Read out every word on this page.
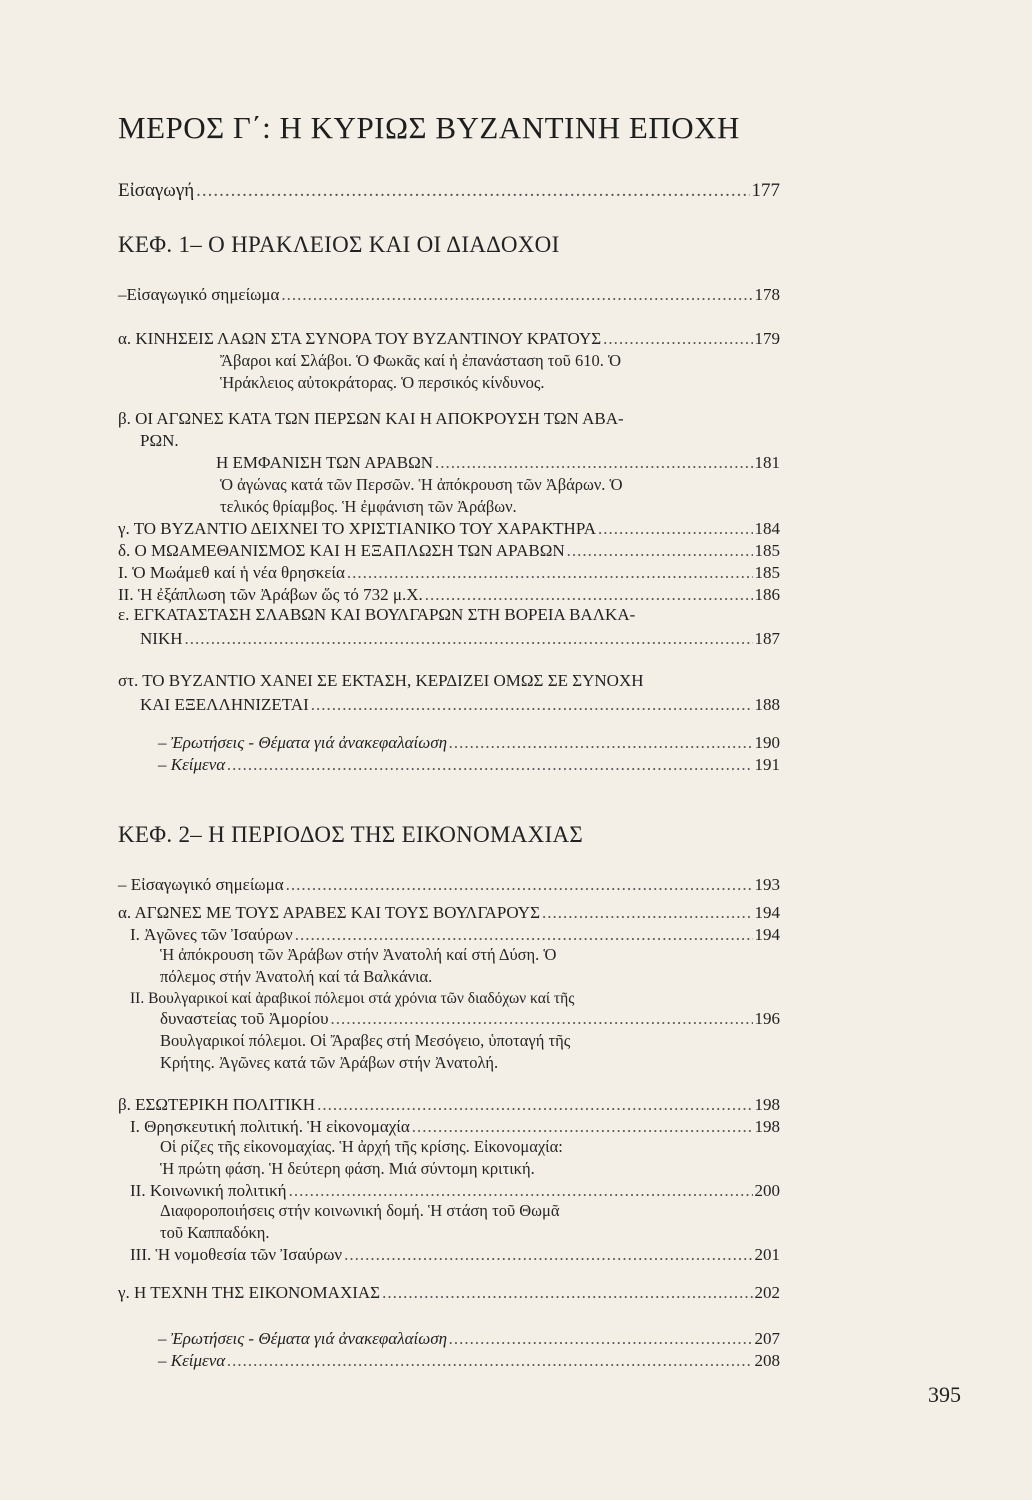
ΜΕΡΟΣ Γ΄: Η ΚΥΡΙΩΣ ΒΥΖΑΝΤΙΝΗ ΕΠΟΧΗ
Εἰσαγωγή .....	177
ΚΕΦ. 1– Ο ΗΡΑΚΛΕΙΟΣ ΚΑΙ ΟΙ ΔΙΑΔΟΧΟΙ
–Εἰσαγωγικό σημείωμα .....	178
α. ΚΙΝΗΣΕΙΣ ΛΑΩΝ ΣΤΑ ΣΥΝΟΡΑ ΤΟΥ ΒΥΖΑΝΤΙΝΟΥ ΚΡΑΤΟΥΣ .....	179
Ἄβαροι καί Σλάβοι. Ὁ Φωκᾶς καί ἡ ἐπανάσταση τοῦ 610. Ὁ
Ἡράκλειος αὐτοκράτορας. Ὁ περσικός κίνδυνος.
β. ΟΙ ΑΓΩΝΕΣ ΚΑΤΑ ΤΩΝ ΠΕΡΣΩΝ ΚΑΙ Η ΑΠΟΚΡΟΥΣΗ ΤΩΝ ΑΒΑ-
ΡΩΝ.
Η ΕΜΦΑΝΙΣΗ ΤΩΝ ΑΡΑΒΩΝ .....	181
Ὁ ἀγώνας κατά τῶν Περσῶν. Ἡ ἀπόκρουση τῶν Ἀβάρων. Ὁ
τελικός θρίαμβος. Ἡ ἐμφάνιση τῶν Ἀράβων.
γ. ΤΟ ΒΥΖΑΝΤΙΟ ΔΕΙΧΝΕΙ ΤΟ ΧΡΙΣΤΙΑΝΙΚΟ ΤΟΥ ΧΑΡΑΚΤΗΡΑ .....	184
δ. Ο ΜΩΑΜΕΘΑΝΙΣΜΟΣ ΚΑΙ Η ΕΞΑΠΛΩΣΗ ΤΩΝ ΑΡΑΒΩΝ .....	185
I. Ὁ Μωάμεθ καί ἡ νέα θρησκεία .....	185
II. Ἡ ἐξάπλωση τῶν Ἀράβων ὥς τό 732 μ.Χ. .....	186
ε. ΕΓΚΑΤΑΣΤΑΣΗ ΣΛΑΒΩΝ ΚΑΙ ΒΟΥΛΓΑΡΩΝ ΣΤΗ ΒΟΡΕΙΑ ΒΑΛΚΑ-
ΝΙΚΗ .....	187
στ. ΤΟ ΒΥΖΑΝΤΙΟ ΧΑΝΕΙ ΣΕ ΕΚΤΑΣΗ, ΚΕΡΔΙΖΕΙ ΟΜΩΣ ΣΕ ΣΥΝΟΧΗ
ΚΑΙ ΕΞΕΛΛΗΝΙΖΕΤΑΙ .....	188
– Ἐρωτήσεις - Θέματα γιά ἀνακεφαλαίωση .....	190
– Κείμενα .....	191
ΚΕΦ. 2– Η ΠΕΡΙΟΔΟΣ ΤΗΣ ΕΙΚΟΝΟΜΑΧΙΑΣ
– Εἰσαγωγικό σημείωμα .....	193
α. ΑΓΩΝΕΣ ΜΕ ΤΟΥΣ ΑΡΑΒΕΣ ΚΑΙ ΤΟΥΣ ΒΟΥΛΓΑΡΟΥΣ .....	194
I. Ἀγῶνες τῶν Ἰσαύρων .....	194
Ἡ ἀπόκρουση τῶν Ἀράβων στήν Ἀνατολή καί στή Δύση. Ὁ
πόλεμος στήν Ἀνατολή καί τά Βαλκάνια.
II. Βουλγαρικοί καί ἀραβικοί πόλεμοι στά χρόνια τῶν διαδόχων καί τῆς
δυναστείας τοῦ Ἀμορίου .....	196
Βουλγαρικοί πόλεμοι. Οἱ Ἄραβες στή Μεσόγειο, ὑποταγή τῆς
Κρήτης. Ἀγῶνες κατά τῶν Ἀράβων στήν Ἀνατολή.
β. ΕΣΩΤΕΡΙΚΗ ΠΟΛΙΤΙΚΗ .....	198
I. Θρησκευτική πολιτική. Ἡ εἰκονομαχία .....	198
Οἱ ρίζες τῆς εἰκονομαχίας. Ἡ ἀρχή τῆς κρίσης. Εἰκονομαχία:
Ἡ πρώτη φάση. Ἡ δεύτερη φάση. Μιά σύντομη κριτική.
II. Κοινωνική πολιτική .....	200
Διαφοροποιήσεις στήν κοινωνική δομή. Ἡ στάση τοῦ Θωμᾶ
τοῦ Καππαδόκη.
III. Ἡ νομοθεσία τῶν Ἰσαύρων .....	201
γ. Η ΤΕΧΝΗ ΤΗΣ ΕΙΚΟΝΟΜΑΧΙΑΣ .....	202
– Ἐρωτήσεις - Θέματα γιά ἀνακεφαλαίωση .....	207
– Κείμενα .....	208
395
